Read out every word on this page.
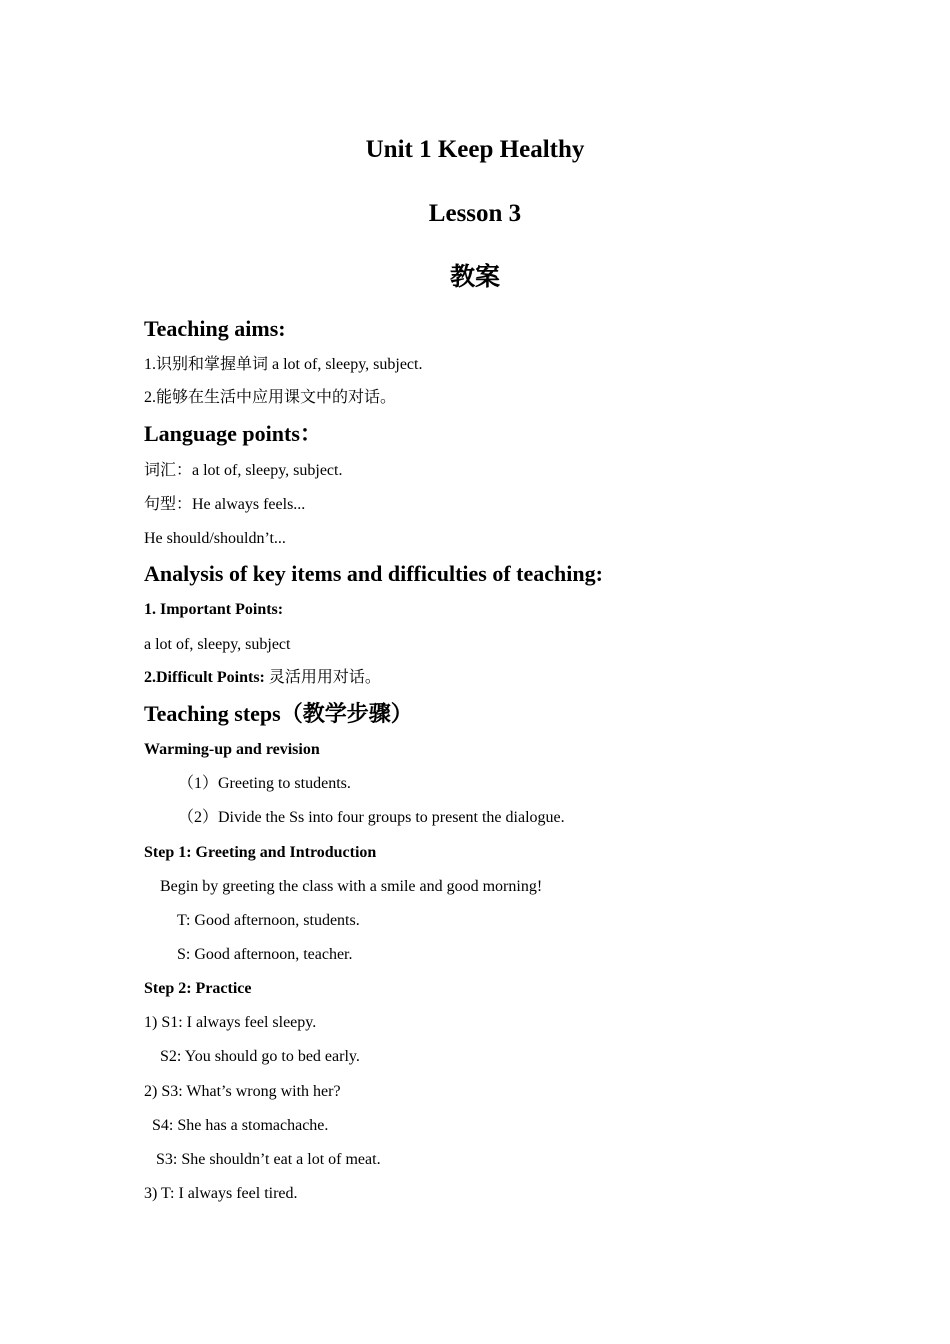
Unit 1 Keep Healthy
Lesson 3
教案
Teaching aims:
1.识别和掌握单词 a lot of, sleepy, subject.
2.能够在生活中应用课文中的对话。
Language points：
词汇：a lot of, sleepy, subject.
句型：He always feels...
He should/shouldn’t...
Analysis of key items and difficulties of teaching:
1. Important Points:
a lot of, sleepy, subject
2.Difficult Points: 灵活用用对话。
Teaching steps（教学步骤）
Warming-up and revision
（1）Greeting to students.
（2）Divide the Ss into four groups to present the dialogue.
Step 1: Greeting and Introduction
Begin by greeting the class with a smile and good morning!
T: Good afternoon, students.
S: Good afternoon, teacher.
Step 2: Practice
1) S1: I always feel sleepy.
S2: You should go to bed early.
2) S3: What’s wrong with her?
S4: She has a stomachache.
S3: She shouldn’t eat a lot of meat.
3) T: I always feel tired.
